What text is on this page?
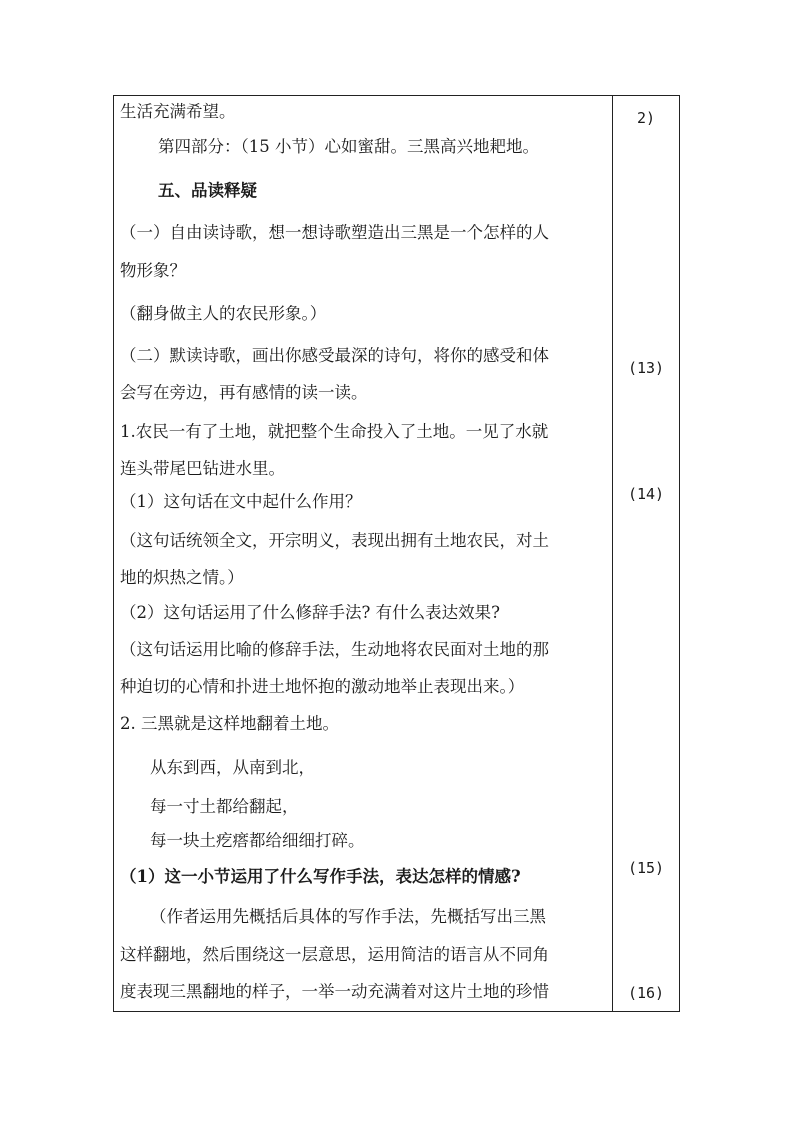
生活充满希望。
第四部分：（15 小节）心如蜜甜。三黑高兴地耙地。
五、品读释疑
（一）自由读诗歌，想一想诗歌塑造出三黑是一个怎样的人
物形象？
（翻身做主人的农民形象。）
（二）默读诗歌，画出你感受最深的诗句，将你的感受和体
会写在旁边，再有感情的读一读。
1.农民一有了土地，就把整个生命投入了土地。一见了水就
连头带尾巴钻进水里。
（1）这句话在文中起什么作用？
（这句话统领全文，开宗明义，表现出拥有土地农民，对土
地的炽热之情。）
（2）这句话运用了什么修辞手法? 有什么表达效果?
（这句话运用比喻的修辞手法，生动地将农民面对土地的那
种迫切的心情和扑进土地怀抱的激动地举止表现出来。）
2. 三黑就是这样地翻着土地。
从东到西，从南到北，
每一寸土都给翻起，
每一块土疙瘩都给细细打碎。
（1）这一小节运用了什么写作手法，表达怎样的情感?
（作者运用先概括后具体的写作手法，先概括写出三黑
这样翻地，然后围绕这一层意思，运用简洁的语言从不同角
度表现三黑翻地的样子，一举一动充满着对这片土地的珍惜
2)
(13)
(14)
(15)
(16)
